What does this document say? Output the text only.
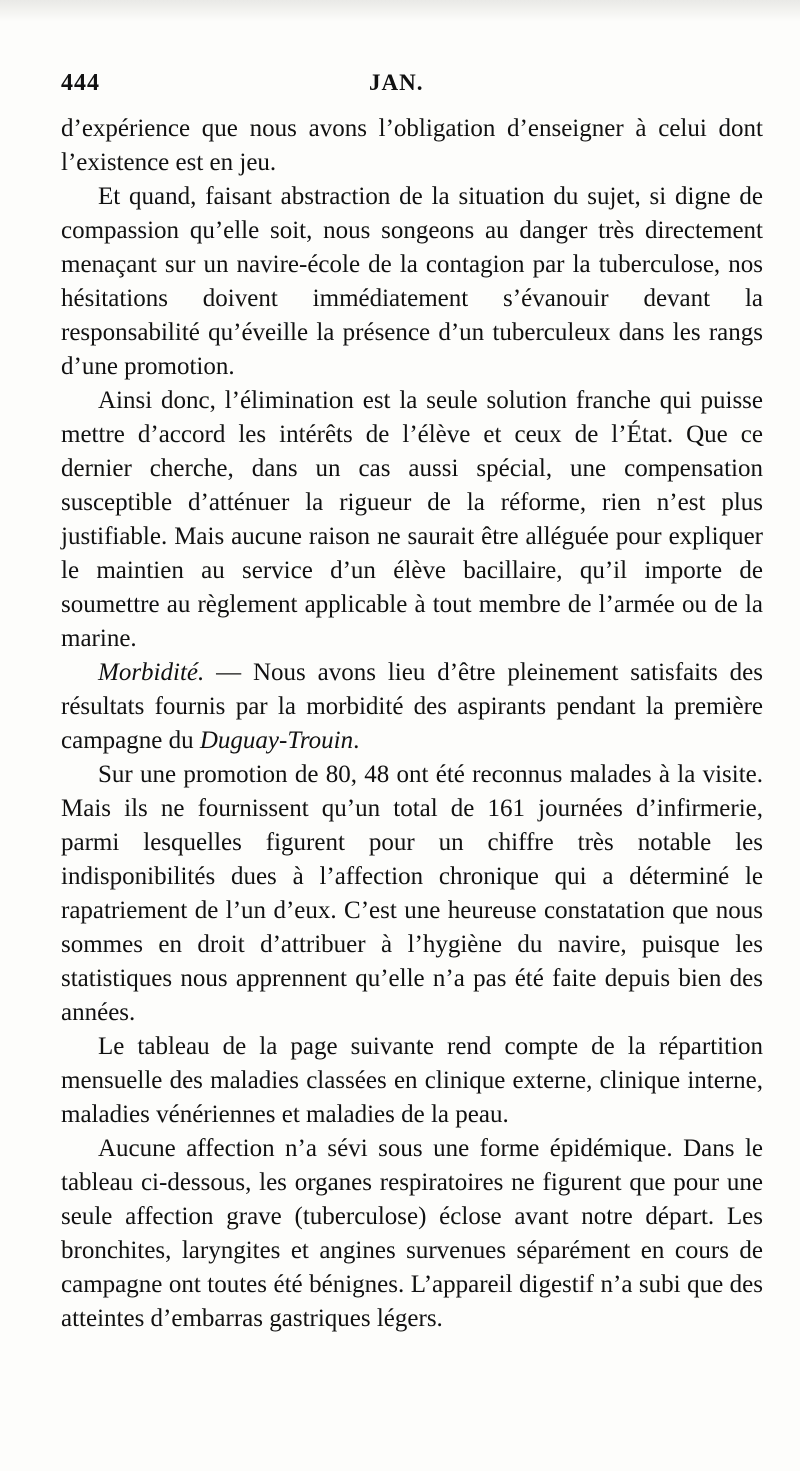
444	JAN.

d’expérience que nous avons l’obligation d’enseigner à celui dont l’existence est en jeu.

Et quand, faisant abstraction de la situation du sujet, si digne de compassion qu’elle soit, nous songeons au danger très directement menaçant sur un navire-école de la contagion par la tuberculose, nos hésitations doivent immédiatement s’évanouir devant la responsabilité qu’éveille la présence d’un tuberculeux dans les rangs d’une promotion.

Ainsi donc, l’élimination est la seule solution franche qui puisse mettre d’accord les intérêts de l’élève et ceux de l’État. Que ce dernier cherche, dans un cas aussi spécial, une compensation susceptible d’atténuer la rigueur de la réforme, rien n’est plus justifiable. Mais aucune raison ne saurait être alléguée pour expliquer le maintien au service d’un élève bacillaire, qu’il importe de soumettre au règlement applicable à tout membre de l’armée ou de la marine.

Morbidité. — Nous avons lieu d’être pleinement satisfaits des résultats fournis par la morbidité des aspirants pendant la première campagne du Duguay-Trouin.

Sur une promotion de 80, 48 ont été reconnus malades à la visite. Mais ils ne fournissent qu’un total de 161 journées d’infirmerie, parmi lesquelles figurent pour un chiffre très notable les indisponibilités dues à l’affection chronique qui a déterminé le rapatriement de l’un d’eux. C’est une heureuse constatation que nous sommes en droit d’attribuer à l’hygiène du navire, puisque les statistiques nous apprennent qu’elle n’a pas été faite depuis bien des années.

Le tableau de la page suivante rend compte de la répartition mensuelle des maladies classées en clinique externe, clinique interne, maladies vénériennes et maladies de la peau.

Aucune affection n’a sévi sous une forme épidémique. Dans le tableau ci-dessous, les organes respiratoires ne figurent que pour une seule affection grave (tuberculose) éclose avant notre départ. Les bronchites, laryngites et angines survenues séparément en cours de campagne ont toutes été bénignes. L’appareil digestif n’a subi que des atteintes d’embarras gastriques légers.
